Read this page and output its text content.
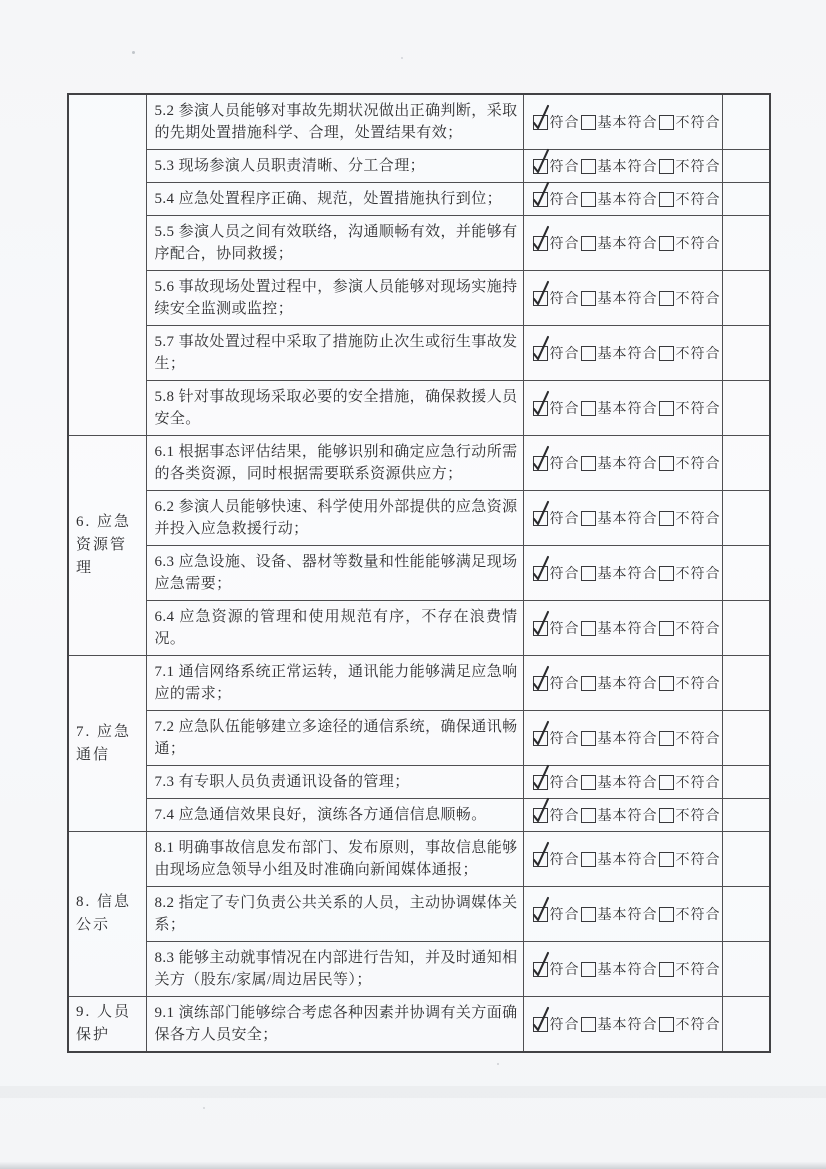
	5.2 参演人员能够对事故先期状况做出正确判断，采取的先期处置措施科学、合理，处置结果有效；	符合 基本符合 不符合	

	5.3 现场参演人员职责清晰、分工合理；	符合 基本符合 不符合	

	5.4 应急处置程序正确、规范，处置措施执行到位；	符合 基本符合 不符合	

	5.5 参演人员之间有效联络，沟通顺畅有效，并能够有序配合，协同救援；	符合 基本符合 不符合	

	5.6 事故现场处置过程中，参演人员能够对现场实施持续安全监测或监控；	符合 基本符合 不符合	

	5.7 事故处置过程中采取了措施防止次生或衍生事故发生；	符合 基本符合 不符合	

	5.8 针对事故现场采取必要的安全措施，确保救援人员安全。	符合 基本符合 不符合	

6. 应急资源管理	6.1 根据事态评估结果，能够识别和确定应急行动所需的各类资源，同时根据需要联系资源供应方；	符合 基本符合 不符合	

	6.2 参演人员能够快速、科学使用外部提供的应急资源并投入应急救援行动；	符合 基本符合 不符合	

	6.3 应急设施、设备、器材等数量和性能能够满足现场应急需要；	符合 基本符合 不符合	

	6.4 应急资源的管理和使用规范有序，不存在浪费情况。	符合 基本符合 不符合	

7. 应急通信	7.1 通信网络系统正常运转，通讯能力能够满足应急响应的需求；	符合 基本符合 不符合	

	7.2 应急队伍能够建立多途径的通信系统，确保通讯畅通；	符合 基本符合 不符合	

	7.3 有专职人员负责通讯设备的管理；	符合 基本符合 不符合	

	7.4 应急通信效果良好，演练各方通信信息顺畅。	符合 基本符合 不符合	

8. 信息公示	8.1 明确事故信息发布部门、发布原则，事故信息能够由现场应急领导小组及时准确向新闻媒体通报；	符合 基本符合 不符合	

	8.2 指定了专门负责公共关系的人员，主动协调媒体关系；	符合 基本符合 不符合	

	8.3 能够主动就事情况在内部进行告知，并及时通知相关方（股东/家属/周边居民等）；	符合 基本符合 不符合	

9. 人员保护	9.1 演练部门能够综合考虑各种因素并协调有关方面确保各方人员安全；	符合 基本符合 不符合	
